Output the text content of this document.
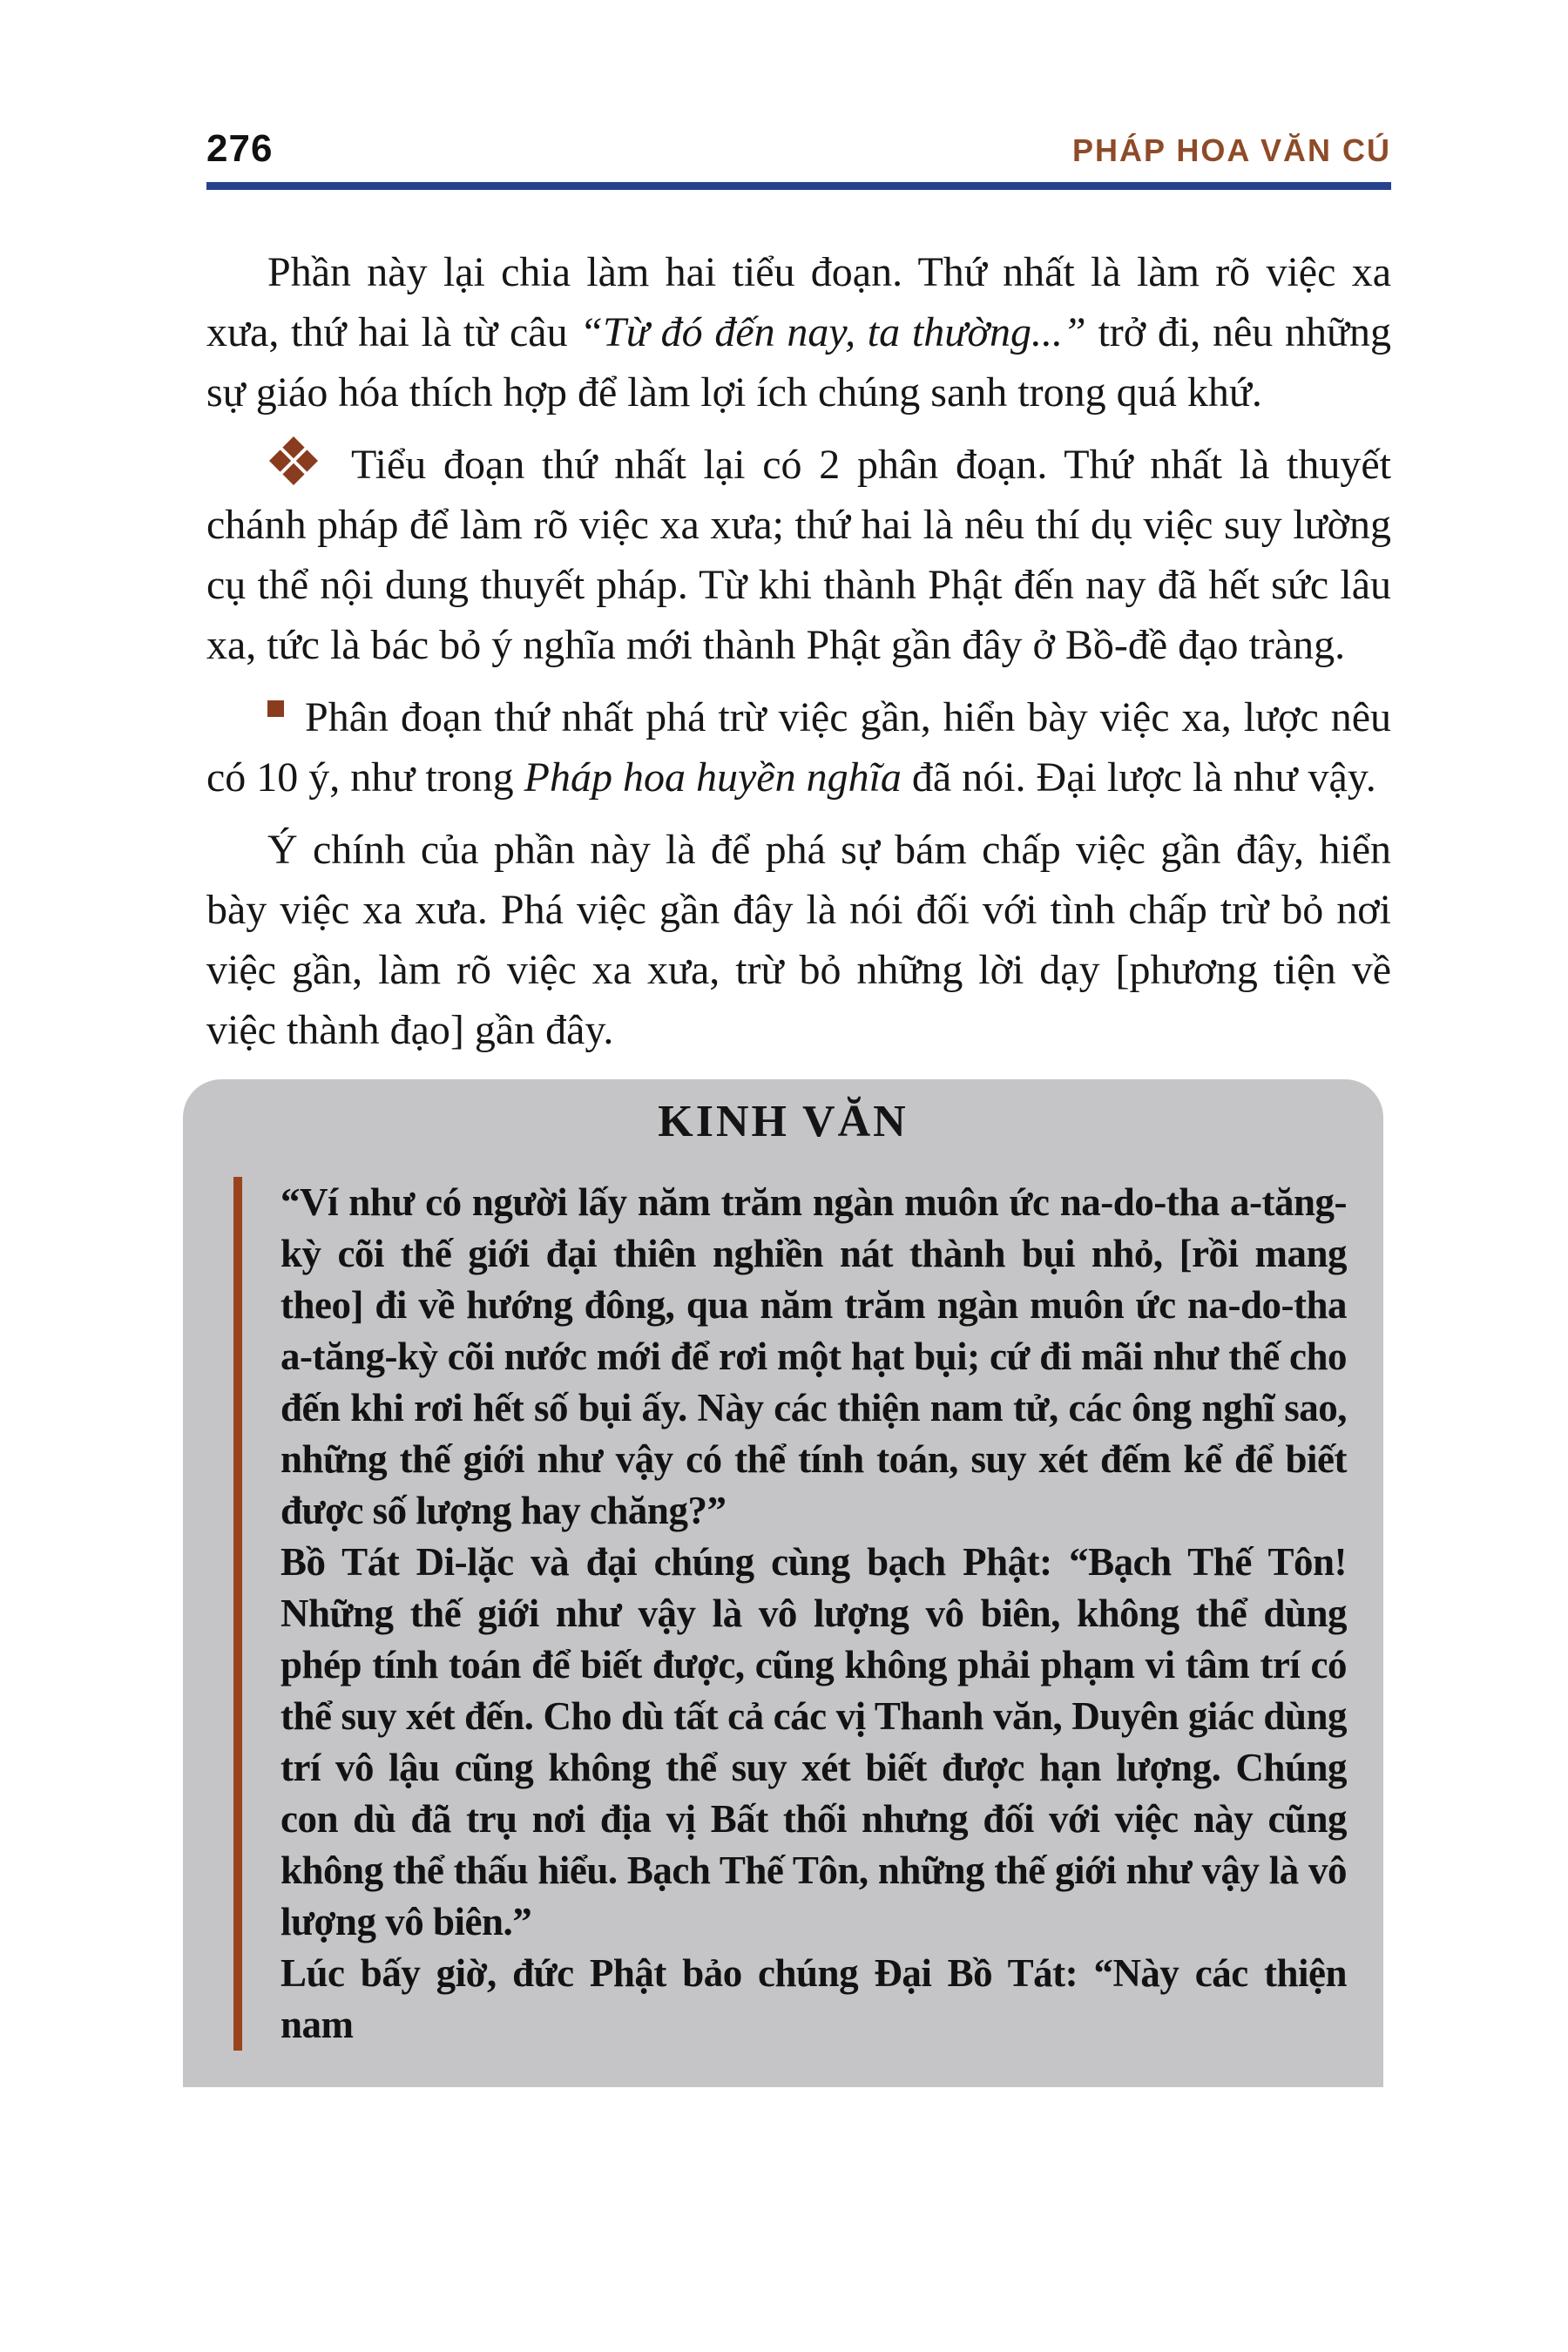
276	PHÁP HOA VĂN CÚ

Phần này lại chia làm hai tiểu đoạn. Thứ nhất là làm rõ việc xa xưa, thứ hai là từ câu “Từ đó đến nay, ta thường...” trở đi, nêu những sự giáo hóa thích hợp để làm lợi ích chúng sanh trong quá khứ.

Tiểu đoạn thứ nhất lại có 2 phân đoạn. Thứ nhất là thuyết chánh pháp để làm rõ việc xa xưa; thứ hai là nêu thí dụ việc suy lường cụ thể nội dung thuyết pháp. Từ khi thành Phật đến nay đã hết sức lâu xa, tức là bác bỏ ý nghĩa mới thành Phật gần đây ở Bồ-đề đạo tràng.

Phân đoạn thứ nhất phá trừ việc gần, hiển bày việc xa, lược nêu có 10 ý, như trong Pháp hoa huyền nghĩa đã nói. Đại lược là như vậy.

Ý chính của phần này là để phá sự bám chấp việc gần đây, hiển bày việc xa xưa. Phá việc gần đây là nói đối với tình chấp trừ bỏ nơi việc gần, làm rõ việc xa xưa, trừ bỏ những lời dạy [phương tiện về việc thành đạo] gần đây.

KINH VĂN

“Ví như có người lấy năm trăm ngàn muôn ức na-do-tha a-tăng-kỳ cõi thế giới đại thiên nghiền nát thành bụi nhỏ, [rồi mang theo] đi về hướng đông, qua năm trăm ngàn muôn ức na-do-tha a-tăng-kỳ cõi nước mới để rơi một hạt bụi; cứ đi mãi như thế cho đến khi rơi hết số bụi ấy. Này các thiện nam tử, các ông nghĩ sao, những thế giới như vậy có thể tính toán, suy xét đếm kể để biết được số lượng hay chăng?”

Bồ Tát Di-lặc và đại chúng cùng bạch Phật: “Bạch Thế Tôn! Những thế giới như vậy là vô lượng vô biên, không thể dùng phép tính toán để biết được, cũng không phải phạm vi tâm trí có thể suy xét đến. Cho dù tất cả các vị Thanh văn, Duyên giác dùng trí vô lậu cũng không thể suy xét biết được hạn lượng. Chúng con dù đã trụ nơi địa vị Bất thối nhưng đối với việc này cũng không thể thấu hiểu. Bạch Thế Tôn, những thế giới như vậy là vô lượng vô biên.”

Lúc bấy giờ, đức Phật bảo chúng Đại Bồ Tát: “Này các thiện nam
